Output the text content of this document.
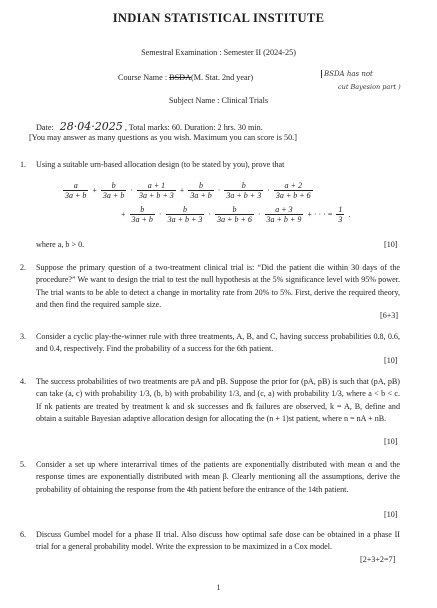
INDIAN STATISTICAL INSTITUTE
Semestral Examination : Semester II (2024-25)
Course Name : BSDA(M. Stat. 2nd year)	BSDA has not
cut Bayesion part )
Subject Name : Clinical Trials
Date: 28·04·2025 , Total marks: 60. Duration: 2 hrs. 30 min.
[You may answer as many questions as you wish. Maximum you can score is 50.]
1. Using a suitable urn-based allocation design (to be stated by you), prove that
$\frac{a}{3a + b} + \frac{b}{3a + b} \cdot \frac{a + 1}{3a + b + 3} + \frac{b}{3a + b} \cdot \frac{b}{3a + b + 3} \cdot \frac{a + 2}{3a + b + 6}$
+ $\frac{b}{3a + b} \cdot \frac{b}{3a + b + 3} \cdot \frac{b}{3a + b + 6} \cdot \frac{a + 3}{3a + b + 9}$ + · · · = $\frac{1}{3}$ .
where a, b > 0.	[10]
2. Suppose the primary question of a two-treatment clinical trial is: “Did the patient die within 30 days of the procedure?” We want to design the trial to test the null hypothesis at the 5% significance level with 95% power. The trial wants to be able to detect a change in mortality rate from 20% to 5%. First, derive the required theory, and then find the required sample size.
[6+3]
3. Consider a cyclic play-the-winner rule with three treatments, A, B, and C, having success probabilities 0.8, 0.6, and 0.4, respectively. Find the probability of a success for the 6th patient.
[10]
4. The success probabilities of two treatments are pA and pB. Suppose the prior for (pA, pB) is such that (pA, pB) can take (a, c) with probability 1/3, (b, b) with probability 1/3, and (c, a) with probability 1/3, where a < b < c. If nk patients are treated by treatment k and sk successes and fk failures are observed, k = A, B, define and obtain a suitable Bayesian adaptive allocation design for allocating the (n + 1)st patient, where n = nA + nB.
[10]
5. Consider a set up where interarrival times of the patients are exponentially distributed with mean α and the response times are exponentially distributed with mean β. Clearly mentioning all the assumptions, derive the probability of obtaining the response from the 4th patient before the entrance of the 14th patient.
[10]
6. Discuss Gumbel model for a phase II trial. Also discuss how optimal safe dose can be obtained in a phase II trial for a general probability model. Write the expression to be maximized in a Cox model.
[2+3+2=7]
1
